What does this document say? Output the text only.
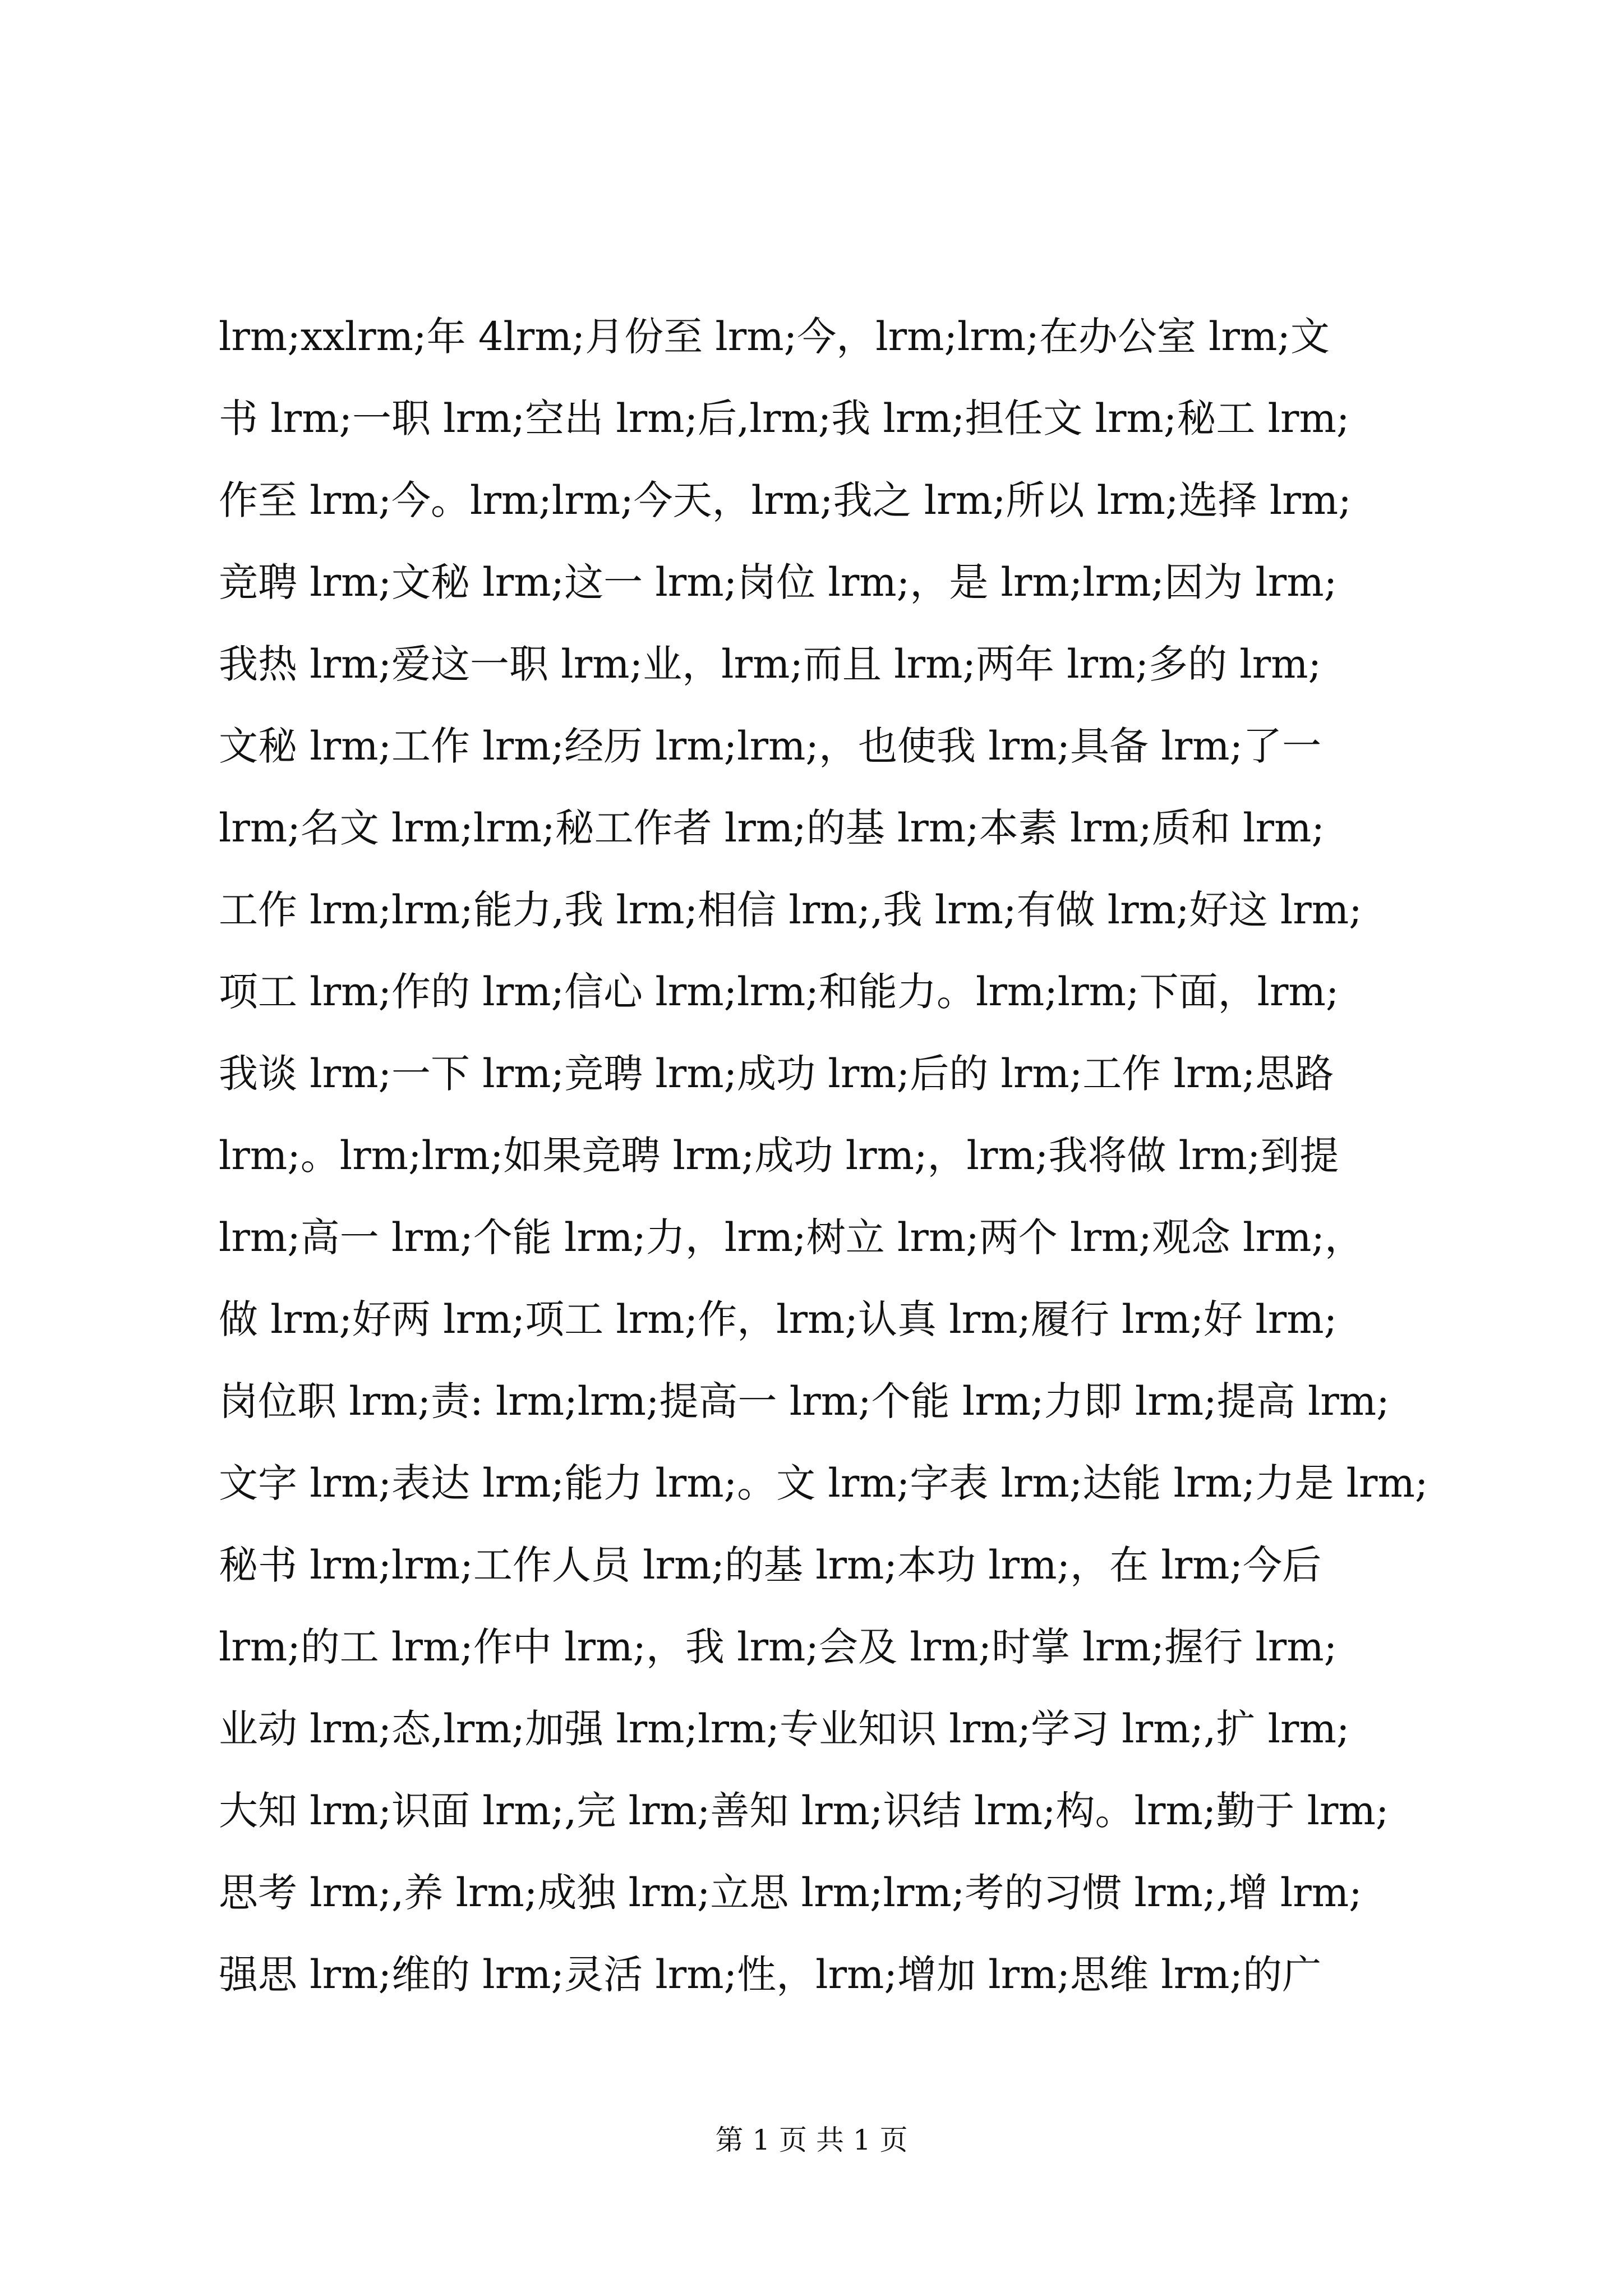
lrm;xxlrm;年 4lrm;月份至 lrm;今，lrm;lrm;在办公室 lrm;文
书 lrm;一职 lrm;空出 lrm;后,lrm;我 lrm;担任文 lrm;秘工 lrm;
作至 lrm;今。lrm;lrm;今天，lrm;我之 lrm;所以 lrm;选择 lrm;
竞聘 lrm;文秘 lrm;这一 lrm;岗位 lrm;，是 lrm;lrm;因为 lrm;
我热 lrm;爱这一职 lrm;业，lrm;而且 lrm;两年 lrm;多的 lrm;
文秘 lrm;工作 lrm;经历 lrm;lrm;，也使我 lrm;具备 lrm;了一
lrm;名文 lrm;lrm;秘工作者 lrm;的基 lrm;本素 lrm;质和 lrm;
工作 lrm;lrm;能力,我 lrm;相信 lrm;,我 lrm;有做 lrm;好这 lrm;
项工 lrm;作的 lrm;信心 lrm;lrm;和能力。lrm;lrm;下面，lrm;
我谈 lrm;一下 lrm;竞聘 lrm;成功 lrm;后的 lrm;工作 lrm;思路
lrm;。lrm;lrm;如果竞聘 lrm;成功 lrm;，lrm;我将做 lrm;到提
lrm;高一 lrm;个能 lrm;力，lrm;树立 lrm;两个 lrm;观念 lrm;，
做 lrm;好两 lrm;项工 lrm;作，lrm;认真 lrm;履行 lrm;好 lrm;
岗位职 lrm;责: lrm;lrm;提高一 lrm;个能 lrm;力即 lrm;提高 lrm;
文字 lrm;表达 lrm;能力 lrm;。文 lrm;字表 lrm;达能 lrm;力是 lrm;
秘书 lrm;lrm;工作人员 lrm;的基 lrm;本功 lrm;，在 lrm;今后
lrm;的工 lrm;作中 lrm;，我 lrm;会及 lrm;时掌 lrm;握行 lrm;
业动 lrm;态,lrm;加强 lrm;lrm;专业知识 lrm;学习 lrm;,扩 lrm;
大知 lrm;识面 lrm;,完 lrm;善知 lrm;识结 lrm;构。lrm;勤于 lrm;
思考 lrm;,养 lrm;成独 lrm;立思 lrm;lrm;考的习惯 lrm;,增 lrm;
强思 lrm;维的 lrm;灵活 lrm;性，lrm;增加 lrm;思维 lrm;的广
第 1 页 共 1 页
